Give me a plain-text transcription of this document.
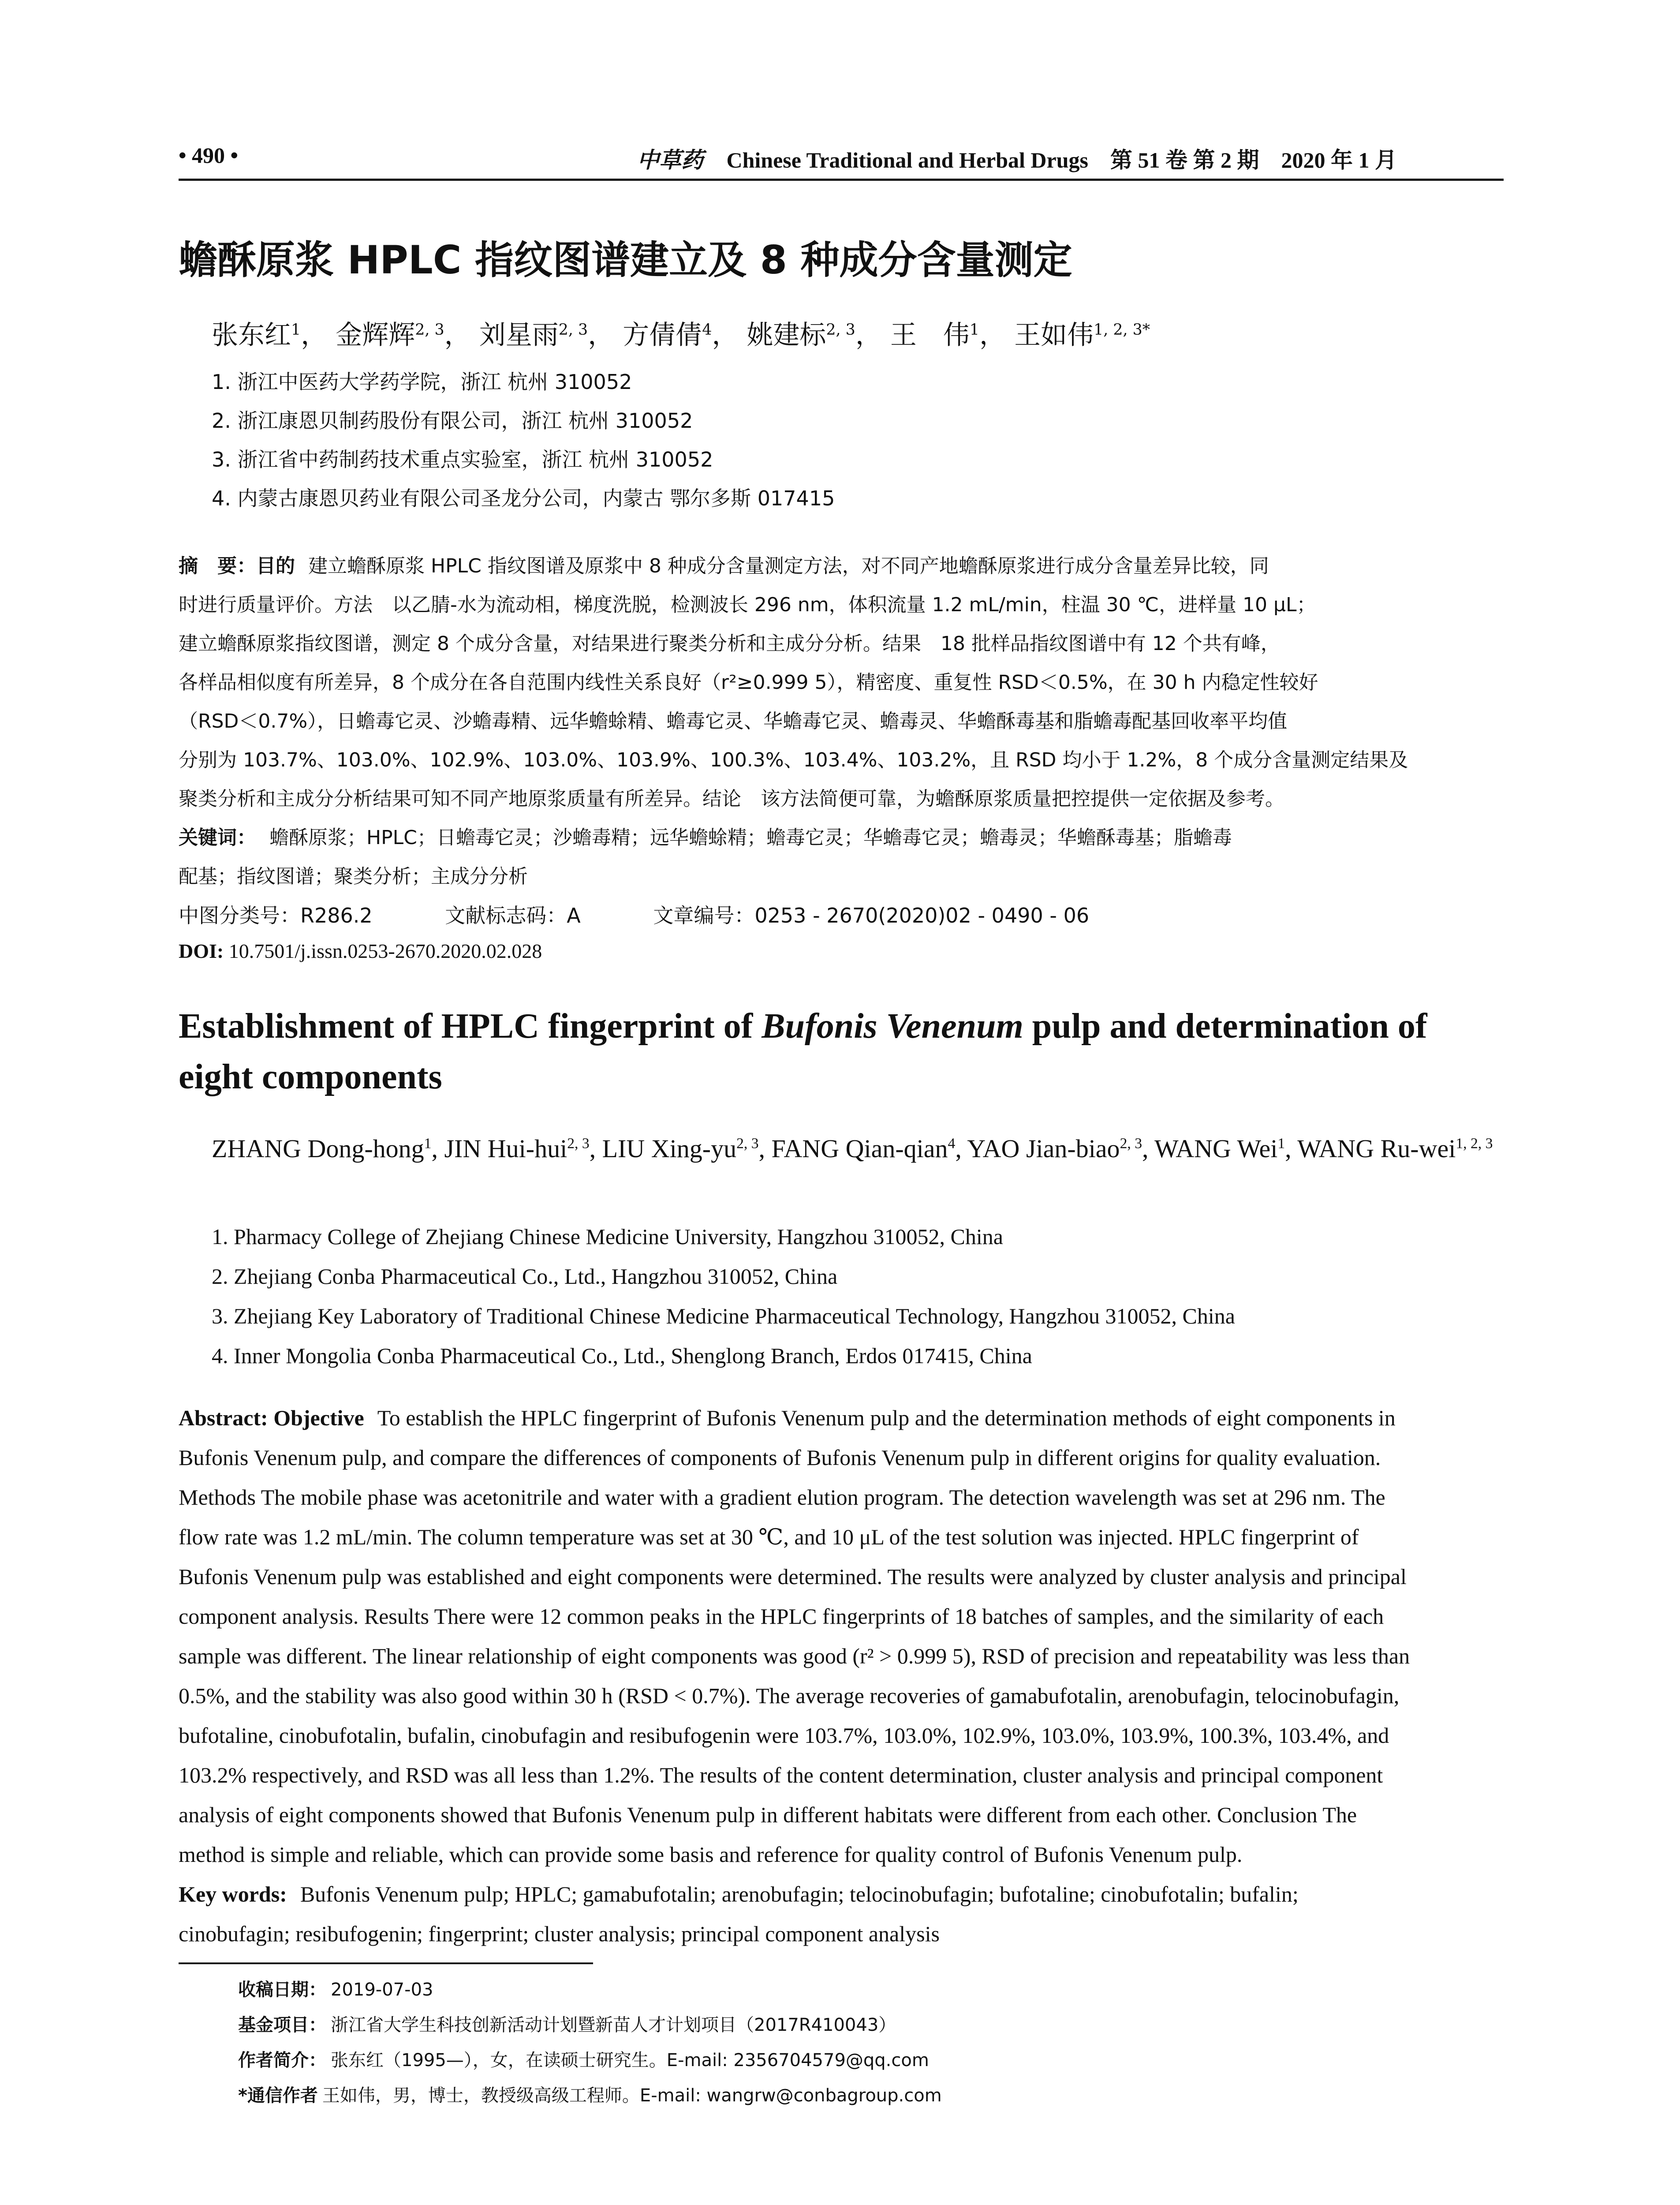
• 490 •	中草药 Chinese Traditional and Herbal Drugs　第 51 卷 第 2 期　2020 年 1 月
蟾酥原浆 HPLC 指纹图谱建立及 8 种成分含量测定
张东红$^1$， 金辉辉$^{2, 3}$， 刘星雨$^{2, 3}$， 方倩倩$^4$， 姚建标$^{2, 3}$， 王　伟$^1$， 王如伟$^{1, 2, 3*}$
1. 浙江中医药大学药学院，浙江 杭州 310052
2. 浙江康恩贝制药股份有限公司，浙江 杭州 310052
3. 浙江省中药制药技术重点实验室，浙江 杭州 310052
4. 内蒙古康恩贝药业有限公司圣龙分公司，内蒙古 鄂尔多斯 017415
摘　要：目的 建立蟾酥原浆 HPLC 指纹图谱及原浆中 8 种成分含量测定方法，对不同产地蟾酥原浆进行成分含量差异比较，同
时进行质量评价。方法　以乙腈-水为流动相，梯度洗脱，检测波长 296 nm，体积流量 1.2 mL/min，柱温 30 ℃，进样量 10 μL；
建立蟾酥原浆指纹图谱，测定 8 个成分含量，对结果进行聚类分析和主成分分析。结果　18 批样品指纹图谱中有 12 个共有峰，
各样品相似度有所差异，8 个成分在各自范围内线性关系良好（r²≥0.999 5），精密度、重复性 RSD＜0.5%，在 30 h 内稳定性较好
（RSD＜0.7%），日蟾毒它灵、沙蟾毒精、远华蟾蜍精、蟾毒它灵、华蟾毒它灵、蟾毒灵、华蟾酥毒基和脂蟾毒配基回收率平均值
分别为 103.7%、103.0%、102.9%、103.0%、103.9%、100.3%、103.4%、103.2%，且 RSD 均小于 1.2%，8 个成分含量测定结果及
聚类分析和主成分分析结果可知不同产地原浆质量有所差异。结论　该方法简便可靠，为蟾酥原浆质量把控提供一定依据及参考。
关键词： 蟾酥原浆；HPLC；日蟾毒它灵；沙蟾毒精；远华蟾蜍精；蟾毒它灵；华蟾毒它灵；蟾毒灵；华蟾酥毒基；脂蟾毒
配基；指纹图谱；聚类分析；主成分分析
中图分类号：R286.2	文献标志码：A	文章编号：0253 - 2670(2020)02 - 0490 - 06
DOI: 10.7501/j.issn.0253-2670.2020.02.028
Establishment of HPLC fingerprint of Bufonis Venenum pulp and determination of eight components
ZHANG Dong-hong$^1$, JIN Hui-hui$^{2, 3}$, LIU Xing-yu$^{2, 3}$, FANG Qian-qian$^4$, YAO Jian-biao$^{2, 3}$, WANG Wei$^1$, WANG Ru-wei$^{1, 2, 3}$
1. Pharmacy College of Zhejiang Chinese Medicine University, Hangzhou 310052, China
2. Zhejiang Conba Pharmaceutical Co., Ltd., Hangzhou 310052, China
3. Zhejiang Key Laboratory of Traditional Chinese Medicine Pharmaceutical Technology, Hangzhou 310052, China
4. Inner Mongolia Conba Pharmaceutical Co., Ltd., Shenglong Branch, Erdos 017415, China
Abstract: Objective To establish the HPLC fingerprint of Bufonis Venenum pulp and the determination methods of eight components in
Bufonis Venenum pulp, and compare the differences of components of Bufonis Venenum pulp in different origins for quality evaluation.
Methods The mobile phase was acetonitrile and water with a gradient elution program. The detection wavelength was set at 296 nm. The
flow rate was 1.2 mL/min. The column temperature was set at 30 ℃, and 10 μL of the test solution was injected. HPLC fingerprint of
Bufonis Venenum pulp was established and eight components were determined. The results were analyzed by cluster analysis and principal
component analysis. Results There were 12 common peaks in the HPLC fingerprints of 18 batches of samples, and the similarity of each
sample was different. The linear relationship of eight components was good (r² > 0.999 5), RSD of precision and repeatability was less than
0.5%, and the stability was also good within 30 h (RSD < 0.7%). The average recoveries of gamabufotalin, arenobufagin, telocinobufagin,
bufotaline, cinobufotalin, bufalin, cinobufagin and resibufogenin were 103.7%, 103.0%, 102.9%, 103.0%, 103.9%, 100.3%, 103.4%, and
103.2% respectively, and RSD was all less than 1.2%. The results of the content determination, cluster analysis and principal component
analysis of eight components showed that Bufonis Venenum pulp in different habitats were different from each other. Conclusion The
method is simple and reliable, which can provide some basis and reference for quality control of Bufonis Venenum pulp.
Key words: Bufonis Venenum pulp; HPLC; gamabufotalin; arenobufagin; telocinobufagin; bufotaline; cinobufotalin; bufalin;
cinobufagin; resibufogenin; fingerprint; cluster analysis; principal component analysis
收稿日期： 2019-07-03
基金项目： 浙江省大学生科技创新活动计划暨新苗人才计划项目（2017R410043）
作者简介： 张东红（1995—），女，在读硕士研究生。E-mail: 2356704579@qq.com
*通信作者 王如伟，男，博士，教授级高级工程师。E-mail: wangrw@conbagroup.com
